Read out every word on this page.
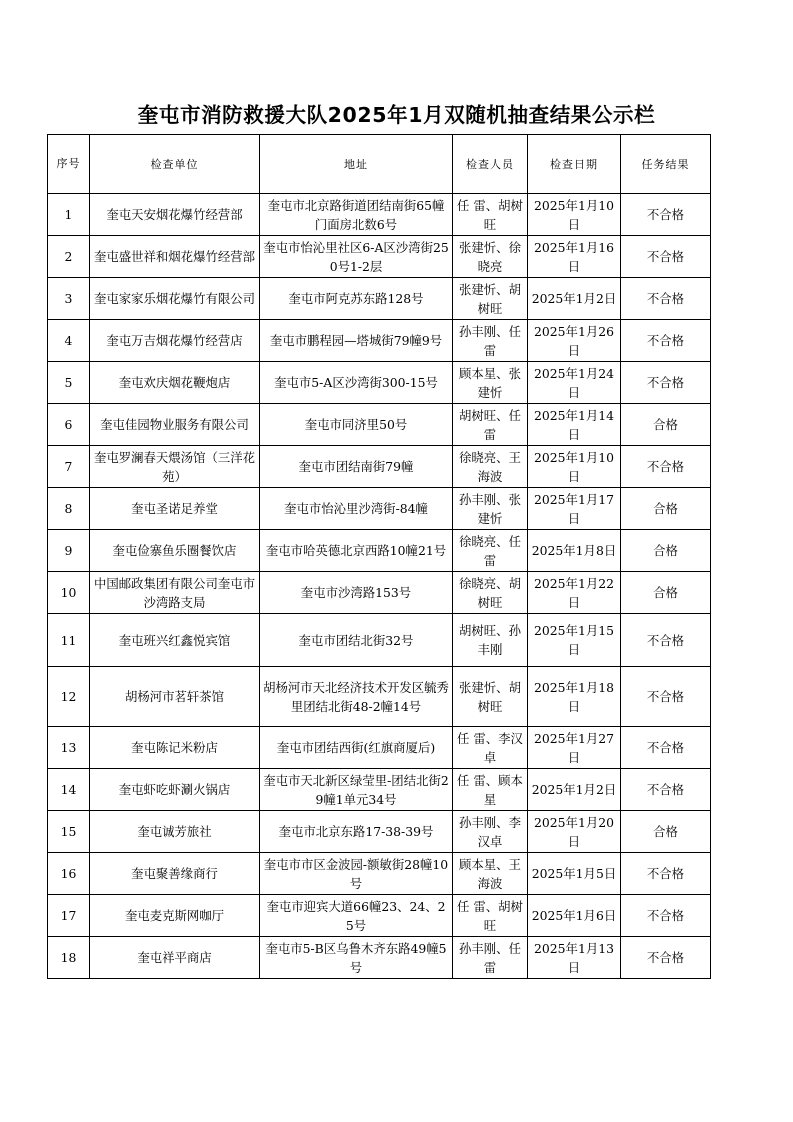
奎屯市消防救援大队2025年1月双随机抽查结果公示栏
序号	检查单位	地址	检查人员	检查日期	任务结果
1	奎屯天安烟花爆竹经营部	奎屯市北京路街道团结南街65幢门面房北数6号	任 雷、胡树旺	2025年1月10日	不合格
2	奎屯盛世祥和烟花爆竹经营部	奎屯市怡沁里社区6-A区沙湾街250号1-2层	张建忻、徐晓亮	2025年1月16日	不合格
3	奎屯家家乐烟花爆竹有限公司	奎屯市阿克苏东路128号	张建忻、胡树旺	2025年1月2日	不合格
4	奎屯万吉烟花爆竹经营店	奎屯市鹏程园—塔城街79幢9号	孙丰刚、任 雷	2025年1月26日	不合格
5	奎屯欢庆烟花鞭炮店	奎屯市5-A区沙湾街300-15号	顾本星、张建忻	2025年1月24日	不合格
6	奎屯佳园物业服务有限公司	奎屯市同济里50号	胡树旺、任 雷	2025年1月14日	合格
7	奎屯罗澜春天煨汤馆（三洋花苑）	奎屯市团结南街79幢	徐晓亮、王海波	2025年1月10日	不合格
8	奎屯圣诺足养堂	奎屯市怡沁里沙湾街-84幢	孙丰刚、张建忻	2025年1月17日	合格
9	奎屯俭寨鱼乐圈餐饮店	奎屯市哈英德北京西路10幢21号	徐晓亮、任 雷	2025年1月8日	合格
10	中国邮政集团有限公司奎屯市沙湾路支局	奎屯市沙湾路153号	徐晓亮、胡树旺	2025年1月22日	合格
11	奎屯班兴红鑫悦宾馆	奎屯市团结北街32号	胡树旺、孙丰刚	2025年1月15日	不合格
12	胡杨河市茗轩茶馆	胡杨河市天北经济技术开发区毓秀里团结北街48-2幢14号	张建忻、胡树旺	2025年1月18日	不合格
13	奎屯陈记米粉店	奎屯市团结西街(红旗商厦后)	任 雷、李汉卓	2025年1月27日	不合格
14	奎屯虾吃虾涮火锅店	奎屯市天北新区绿莹里-团结北街29幢1单元34号	任 雷、顾本星	2025年1月2日	不合格
15	奎屯诚芳旅社	奎屯市北京东路17-38-39号	孙丰刚、李汉卓	2025年1月20日	合格
16	奎屯聚善缘商行	奎屯市市区金波园-额敏街28幢10号	顾本星、王海波	2025年1月5日	不合格
17	奎屯麦克斯网咖厅	奎屯市迎宾大道66幢23、24、25号	任 雷、胡树旺	2025年1月6日	不合格
18	奎屯祥平商店	奎屯市5-B区乌鲁木齐东路49幢5号	孙丰刚、任 雷	2025年1月13日	不合格
